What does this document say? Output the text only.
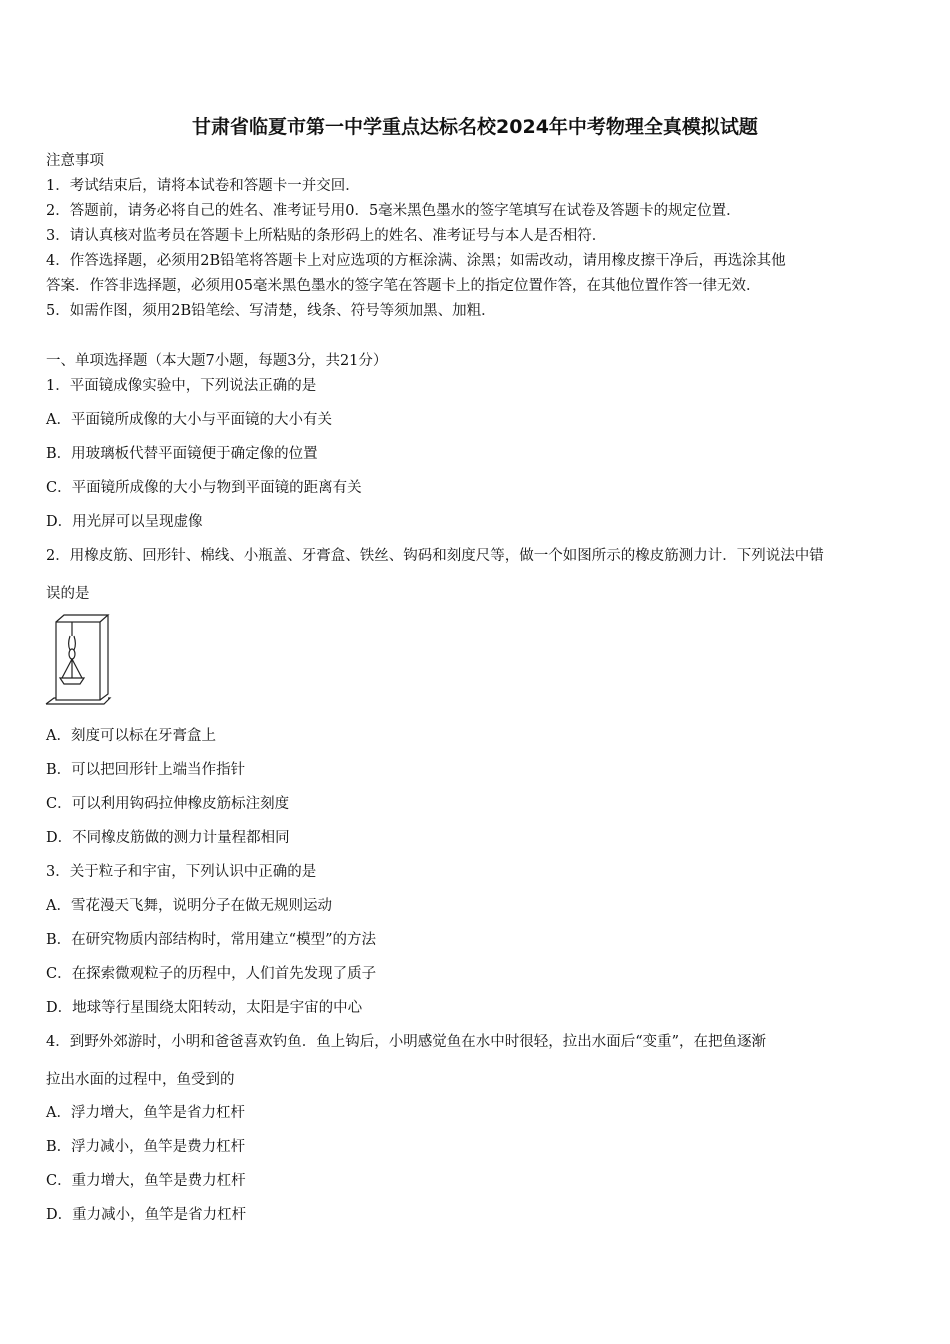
甘肃省临夏市第一中学重点达标名校2024年中考物理全真模拟试题
注意事项
1．考试结束后，请将本试卷和答题卡一并交回．
2．答题前，请务必将自己的姓名、准考证号用0．5毫米黑色墨水的签字笔填写在试卷及答题卡的规定位置．
3．请认真核对监考员在答题卡上所粘贴的条形码上的姓名、准考证号与本人是否相符．
4．作答选择题，必须用2B铅笔将答题卡上对应选项的方框涂满、涂黑；如需改动，请用橡皮擦干净后，再选涂其他
答案．作答非选择题，必须用05毫米黑色墨水的签字笔在答题卡上的指定位置作答，在其他位置作答一律无效．
5．如需作图，须用2B铅笔绘、写清楚，线条、符号等须加黑、加粗．
一、单项选择题（本大题7小题，每题3分，共21分）
1．平面镜成像实验中，下列说法正确的是
A．平面镜所成像的大小与平面镜的大小有关
B．用玻璃板代替平面镜便于确定像的位置
C．平面镜所成像的大小与物到平面镜的距离有关
D．用光屏可以呈现虚像
2．用橡皮筋、回形针、棉线、小瓶盖、牙膏盒、铁丝、钩码和刻度尺等，做一个如图所示的橡皮筋测力计．下列说法中错
误的是
A．刻度可以标在牙膏盒上
B．可以把回形针上端当作指针
C．可以利用钩码拉伸橡皮筋标注刻度
D．不同橡皮筋做的测力计量程都相同
3．关于粒子和宇宙，下列认识中正确的是
A．雪花漫天飞舞，说明分子在做无规则运动
B．在研究物质内部结构时，常用建立“模型”的方法
C．在探索微观粒子的历程中，人们首先发现了质子
D．地球等行星围绕太阳转动，太阳是宇宙的中心
4．到野外郊游时，小明和爸爸喜欢钓鱼．鱼上钩后，小明感觉鱼在水中时很轻，拉出水面后“变重”，在把鱼逐渐
拉出水面的过程中，鱼受到的
A．浮力增大，鱼竿是省力杠杆
B．浮力减小，鱼竿是费力杠杆
C．重力增大，鱼竿是费力杠杆
D．重力减小，鱼竿是省力杠杆
